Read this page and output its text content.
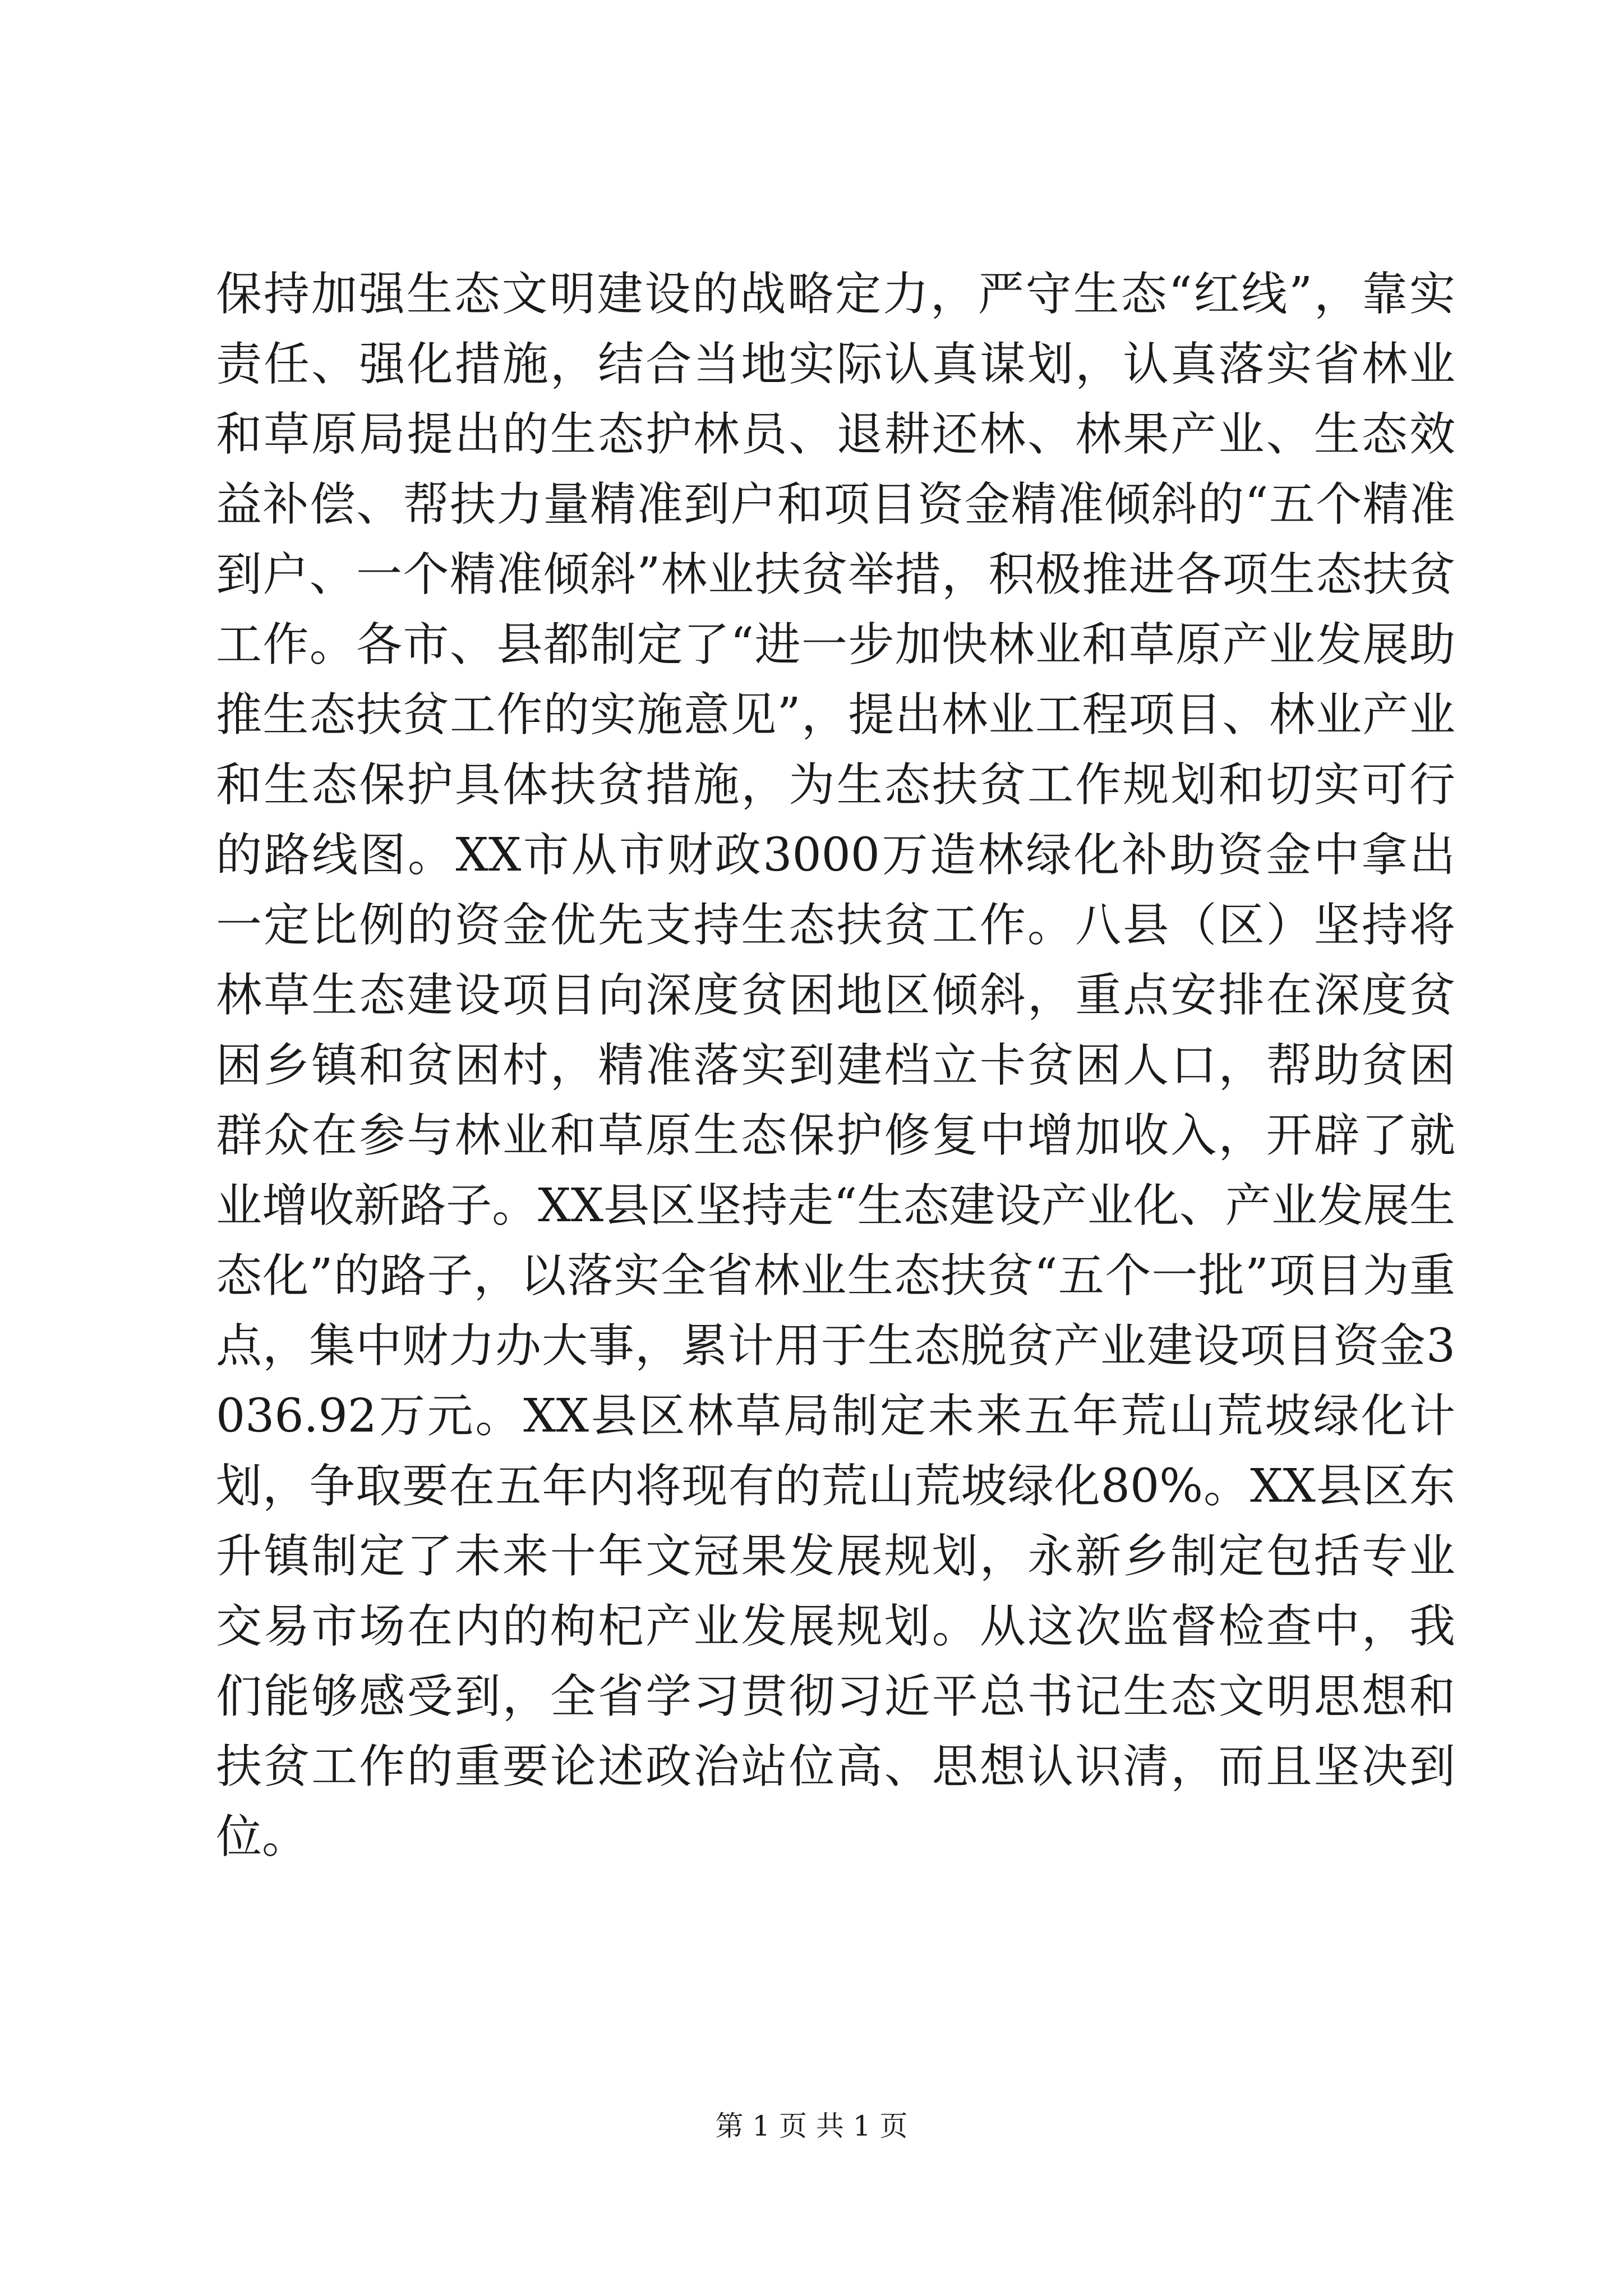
保持加强生态文明建设的战略定力，严守生态“红线”，靠实责任、强化措施，结合当地实际认真谋划，认真落实省林业和草原局提出的生态护林员、退耕还林、林果产业、生态效益补偿、帮扶力量精准到户和项目资金精准倾斜的“五个精准到户、一个精准倾斜”林业扶贫举措，积极推进各项生态扶贫工作。各市、县都制定了“进一步加快林业和草原产业发展助推生态扶贫工作的实施意见”，提出林业工程项目、林业产业和生态保护具体扶贫措施，为生态扶贫工作规划和切实可行的路线图。XX市从市财政3000万造林绿化补助资金中拿出一定比例的资金优先支持生态扶贫工作。八县（区）坚持将林草生态建设项目向深度贫困地区倾斜，重点安排在深度贫困乡镇和贫困村，精准落实到建档立卡贫困人口，帮助贫困群众在参与林业和草原生态保护修复中增加收入，开辟了就业增收新路子。XX县区坚持走“生态建设产业化、产业发展生态化”的路子，以落实全省林业生态扶贫“五个一批”项目为重点，集中财力办大事，累计用于生态脱贫产业建设项目资金3036.92万元。XX县区林草局制定未来五年荒山荒坡绿化计划，争取要在五年内将现有的荒山荒坡绿化80%。XX县区东升镇制定了未来十年文冠果发展规划，永新乡制定包括专业交易市场在内的枸杞产业发展规划。从这次监督检查中，我们能够感受到，全省学习贯彻习近平总书记生态文明思想和扶贫工作的重要论述政治站位高、思想认识清，而且坚决到位。

第 1 页 共 1 页
